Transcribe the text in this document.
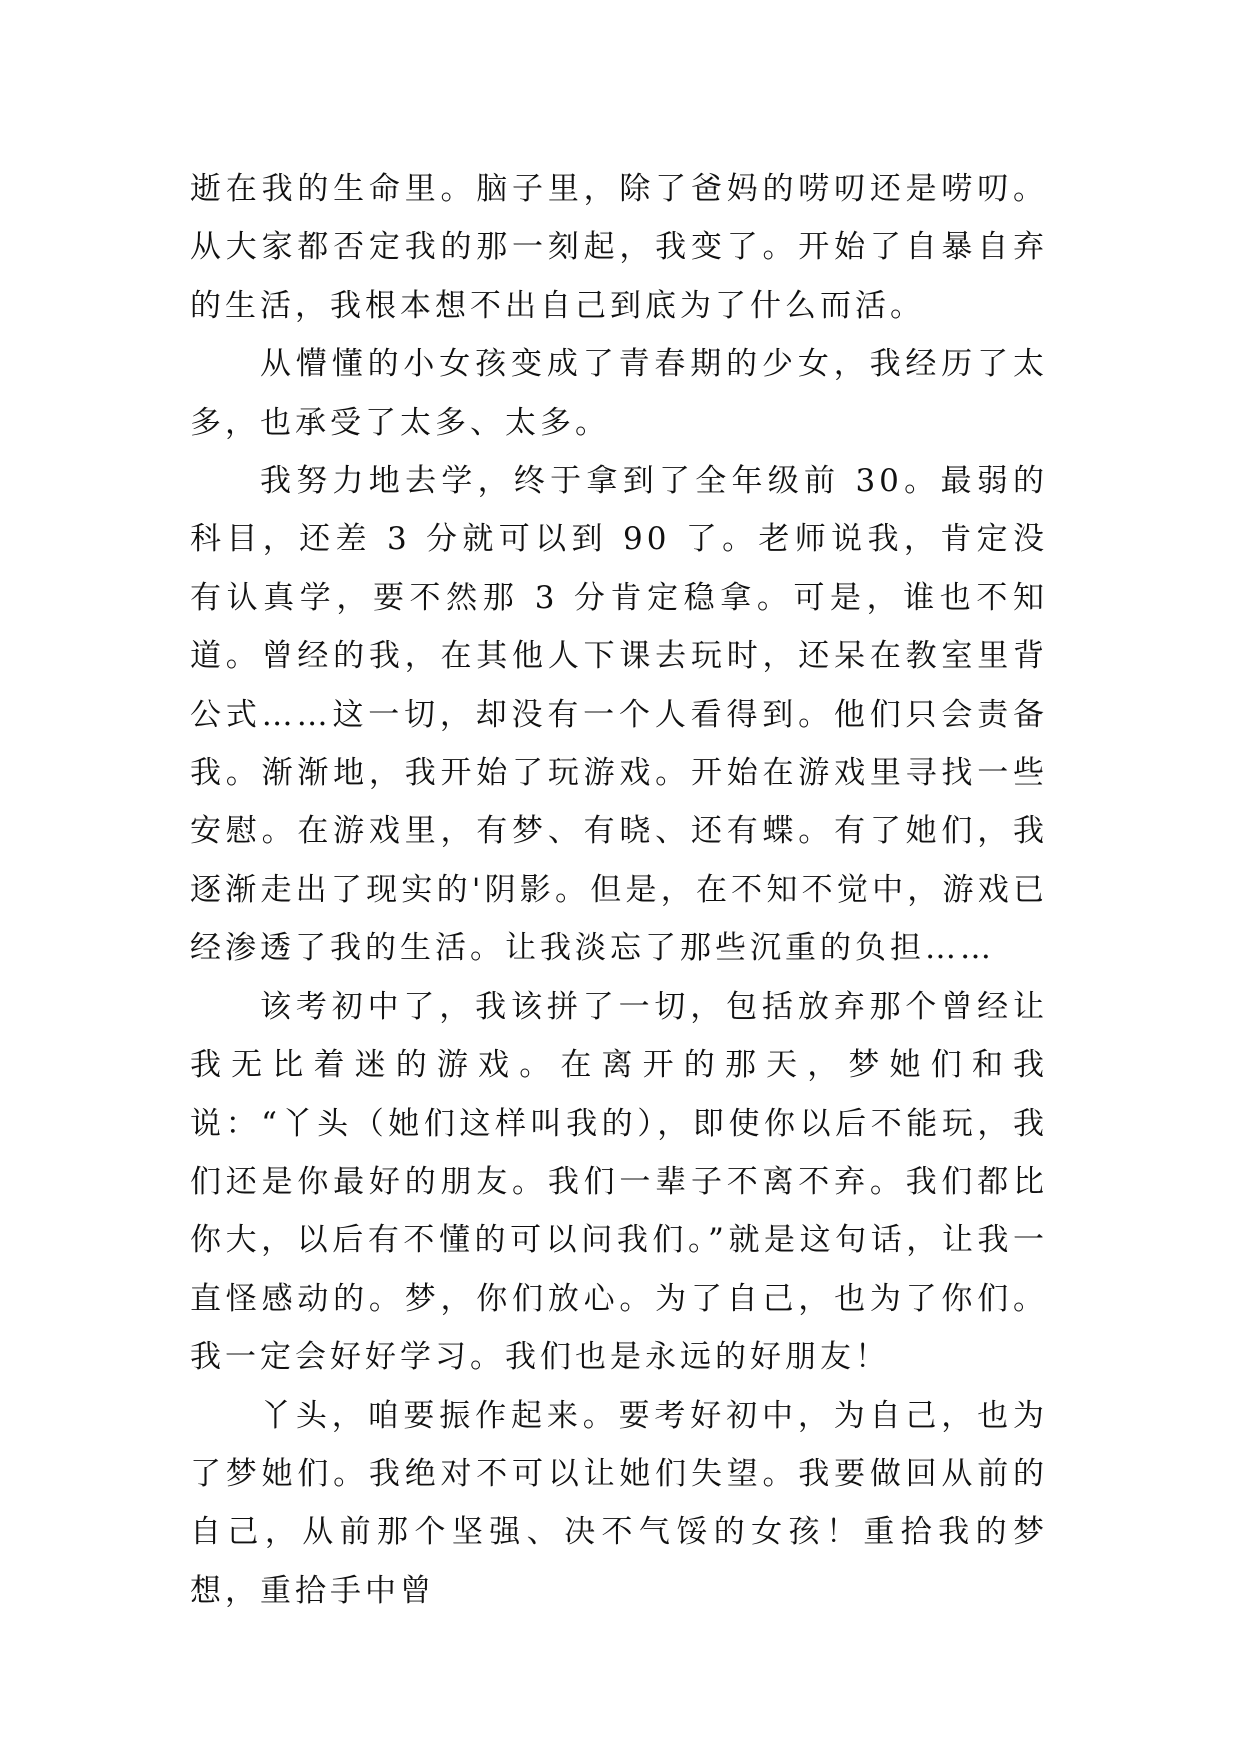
逝在我的生命里。脑子里，除了爸妈的唠叨还是唠叨。从大家都否定我的那一刻起，我变了。开始了自暴自弃的生活，我根本想不出自己到底为了什么而活。

从懵懂的小女孩变成了青春期的少女，我经历了太多，也承受了太多、太多。

我努力地去学，终于拿到了全年级前 30。最弱的科目，还差 3 分就可以到 90 了。老师说我，肯定没有认真学，要不然那 3 分肯定稳拿。可是，谁也不知道。曾经的我，在其他人下课去玩时，还呆在教室里背公式……这一切，却没有一个人看得到。他们只会责备我。渐渐地，我开始了玩游戏。开始在游戏里寻找一些安慰。在游戏里，有梦、有晓、还有蝶。有了她们，我逐渐走出了现实的'阴影。但是，在不知不觉中，游戏已经渗透了我的生活。让我淡忘了那些沉重的负担……

该考初中了，我该拼了一切，包括放弃那个曾经让我无比着迷的游戏。在离开的那天，梦她们和我说：“丫头（她们这样叫我的），即使你以后不能玩，我们还是你最好的朋友。我们一辈子不离不弃。我们都比你大，以后有不懂的可以问我们。”就是这句话，让我一直怪感动的。梦，你们放心。为了自己，也为了你们。我一定会好好学习。我们也是永远的好朋友！

丫头，咱要振作起来。要考好初中，为自己，也为了梦她们。我绝对不可以让她们失望。我要做回从前的自己，从前那个坚强、决不气馁的女孩！重拾我的梦想，重拾手中曾
